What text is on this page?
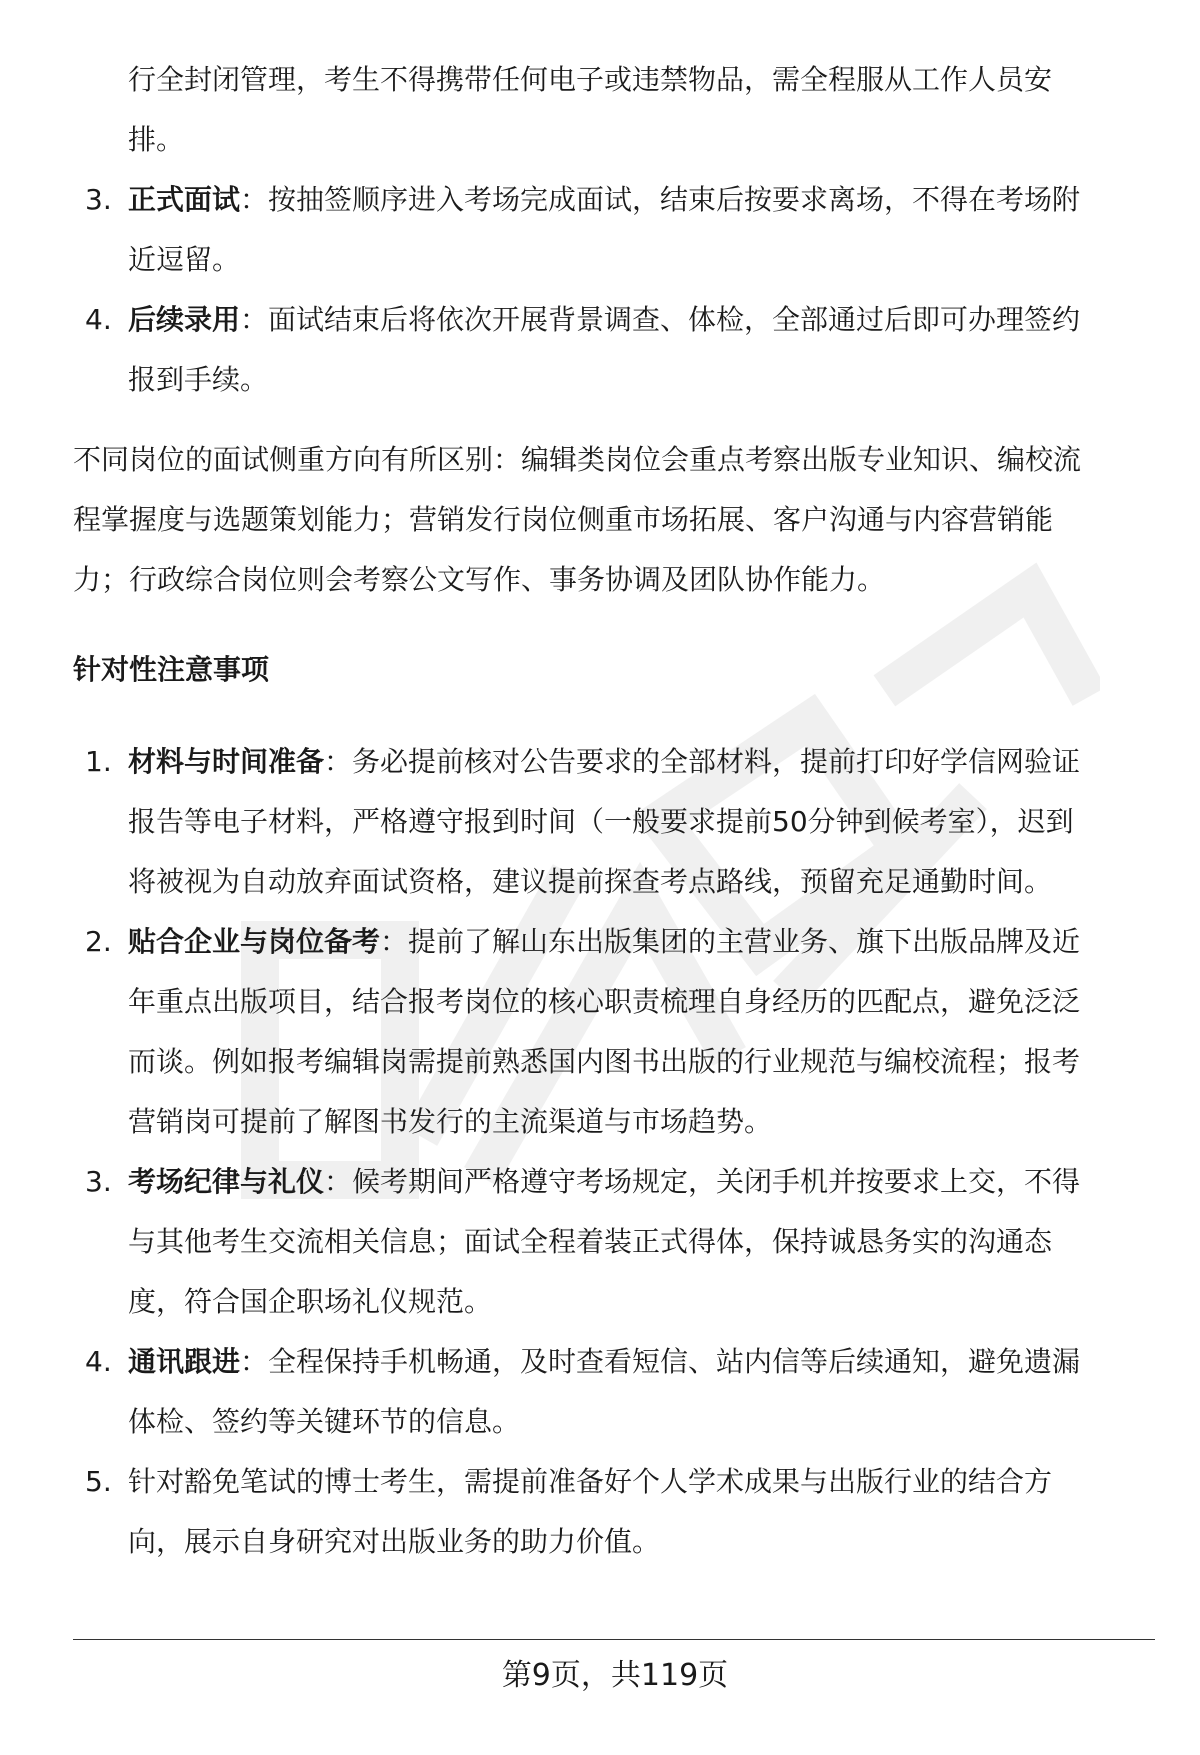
行全封闭管理，考生不得携带任何电子或违禁物品，需全程服从工作人员安
排。
3. 正式面试：按抽签顺序进入考场完成面试，结束后按要求离场，不得在考场附
近逗留。
4. 后续录用：面试结束后将依次开展背景调查、体检，全部通过后即可办理签约
报到手续。
不同岗位的面试侧重方向有所区别：编辑类岗位会重点考察出版专业知识、编校流
程掌握度与选题策划能力；营销发行岗位侧重市场拓展、客户沟通与内容营销能
力；行政综合岗位则会考察公文写作、事务协调及团队协作能力。
针对性注意事项
1. 材料与时间准备：务必提前核对公告要求的全部材料，提前打印好学信网验证
报告等电子材料，严格遵守报到时间（一般要求提前50分钟到候考室），迟到
将被视为自动放弃面试资格，建议提前探查考点路线，预留充足通勤时间。
2. 贴合企业与岗位备考：提前了解山东出版集团的主营业务、旗下出版品牌及近
年重点出版项目，结合报考岗位的核心职责梳理自身经历的匹配点，避免泛泛
而谈。例如报考编辑岗需提前熟悉国内图书出版的行业规范与编校流程；报考
营销岗可提前了解图书发行的主流渠道与市场趋势。
3. 考场纪律与礼仪：候考期间严格遵守考场规定，关闭手机并按要求上交，不得
与其他考生交流相关信息；面试全程着装正式得体，保持诚恳务实的沟通态
度，符合国企职场礼仪规范。
4. 通讯跟进：全程保持手机畅通，及时查看短信、站内信等后续通知，避免遗漏
体检、签约等关键环节的信息。
5. 针对豁免笔试的博士考生，需提前准备好个人学术成果与出版行业的结合方
向，展示自身研究对出版业务的助力价值。
第9页，共119页
